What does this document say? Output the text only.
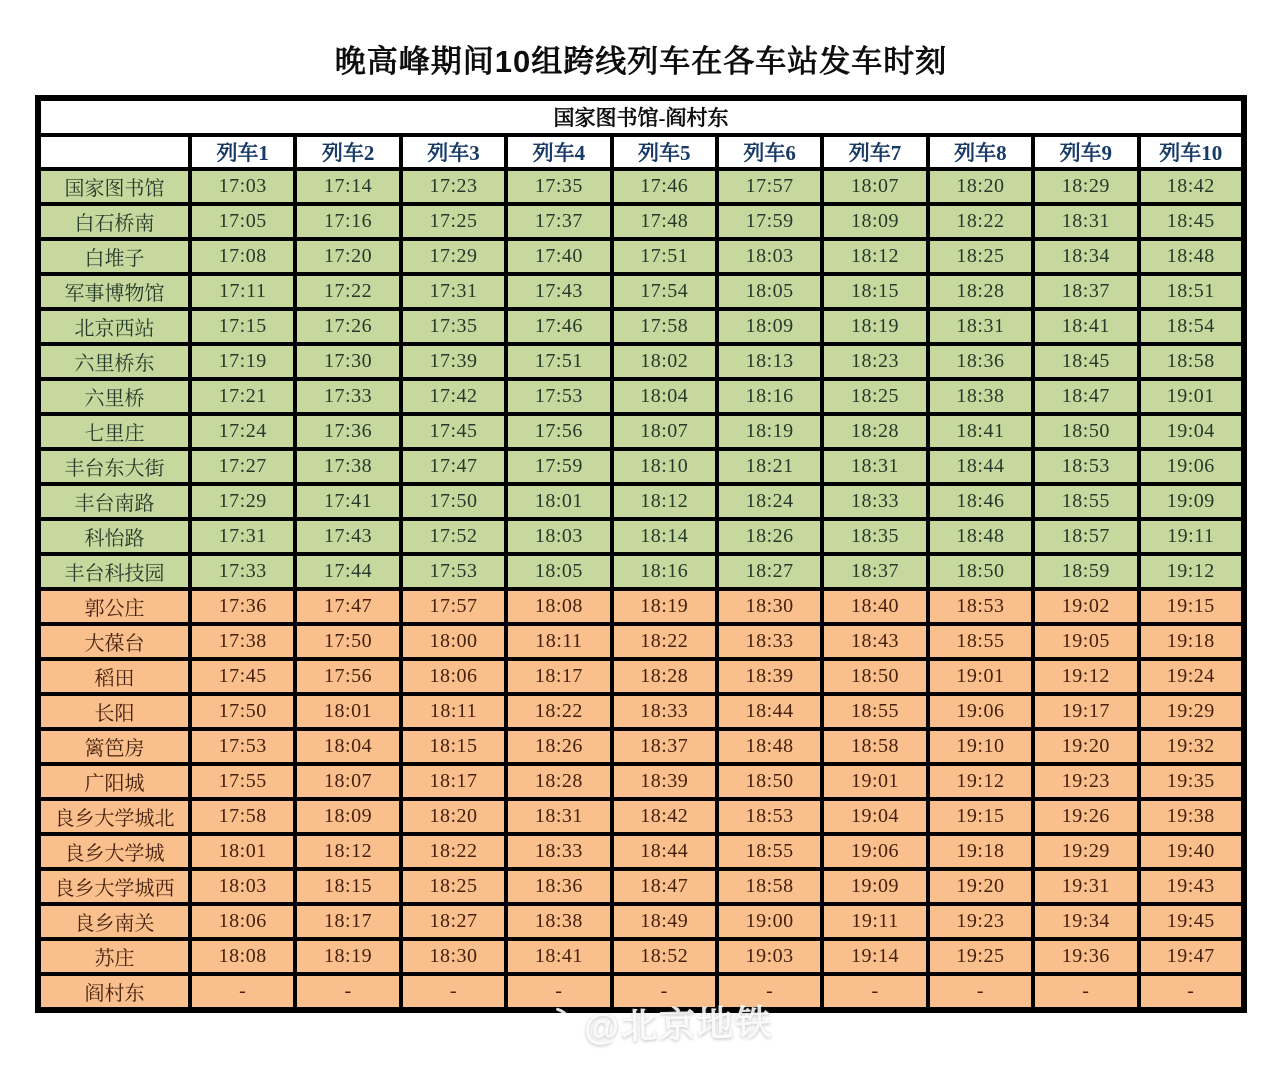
晚高峰期间10组跨线列车在各车站发车时刻
国家图书馆-阎村东										
	列车1	列车2	列车3	列车4	列车5	列车6	列车7	列车8	列车9	列车10
国家图书馆	17:03	17:14	17:23	17:35	17:46	17:57	18:07	18:20	18:29	18:42
白石桥南	17:05	17:16	17:25	17:37	17:48	17:59	18:09	18:22	18:31	18:45
白堆子	17:08	17:20	17:29	17:40	17:51	18:03	18:12	18:25	18:34	18:48
军事博物馆	17:11	17:22	17:31	17:43	17:54	18:05	18:15	18:28	18:37	18:51
北京西站	17:15	17:26	17:35	17:46	17:58	18:09	18:19	18:31	18:41	18:54
六里桥东	17:19	17:30	17:39	17:51	18:02	18:13	18:23	18:36	18:45	18:58
六里桥	17:21	17:33	17:42	17:53	18:04	18:16	18:25	18:38	18:47	19:01
七里庄	17:24	17:36	17:45	17:56	18:07	18:19	18:28	18:41	18:50	19:04
丰台东大街	17:27	17:38	17:47	17:59	18:10	18:21	18:31	18:44	18:53	19:06
丰台南路	17:29	17:41	17:50	18:01	18:12	18:24	18:33	18:46	18:55	19:09
科怡路	17:31	17:43	17:52	18:03	18:14	18:26	18:35	18:48	18:57	19:11
丰台科技园	17:33	17:44	17:53	18:05	18:16	18:27	18:37	18:50	18:59	19:12
郭公庄	17:36	17:47	17:57	18:08	18:19	18:30	18:40	18:53	19:02	19:15
大葆台	17:38	17:50	18:00	18:11	18:22	18:33	18:43	18:55	19:05	19:18
稻田	17:45	17:56	18:06	18:17	18:28	18:39	18:50	19:01	19:12	19:24
长阳	17:50	18:01	18:11	18:22	18:33	18:44	18:55	19:06	19:17	19:29
篱笆房	17:53	18:04	18:15	18:26	18:37	18:48	18:58	19:10	19:20	19:32
广阳城	17:55	18:07	18:17	18:28	18:39	18:50	19:01	19:12	19:23	19:35
良乡大学城北	17:58	18:09	18:20	18:31	18:42	18:53	19:04	19:15	19:26	19:38
良乡大学城	18:01	18:12	18:22	18:33	18:44	18:55	19:06	19:18	19:29	19:40
良乡大学城西	18:03	18:15	18:25	18:36	18:47	18:58	19:09	19:20	19:31	19:43
良乡南关	18:06	18:17	18:27	18:38	18:49	19:00	19:11	19:23	19:34	19:45
苏庄	18:08	18:19	18:30	18:41	18:52	19:03	19:14	19:25	19:36	19:47
阎村东	-	-	-	-	-	-	-	-	-	-
@北京地铁
